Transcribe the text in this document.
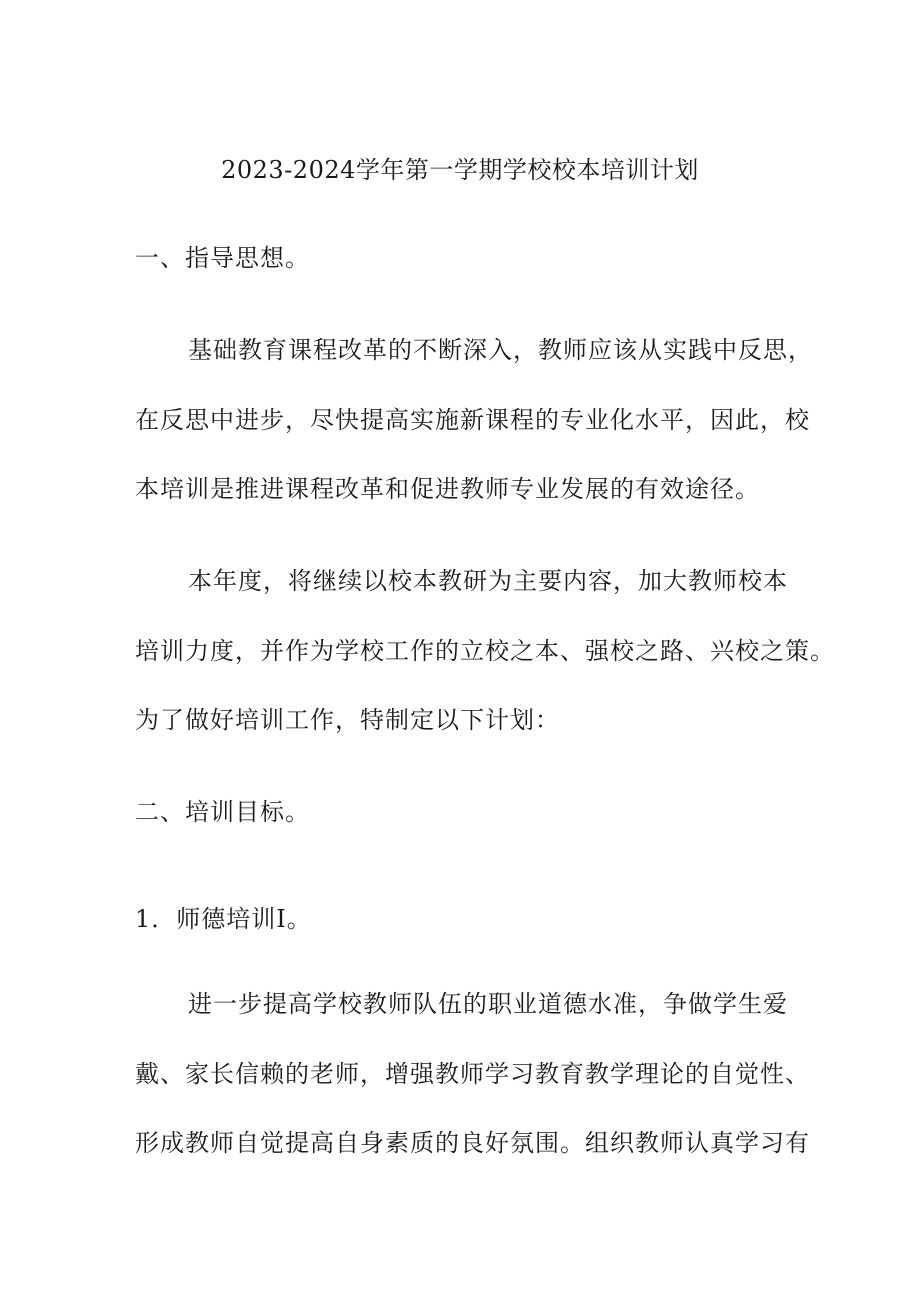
2023-2024学年第一学期学校校本培训计划
一、指导思想。
基础教育课程改革的不断深入，教师应该从实践中反思，
在反思中进步，尽快提高实施新课程的专业化水平，因此，校
本培训是推进课程改革和促进教师专业发展的有效途径。
本年度，将继续以校本教研为主要内容，加大教师校本
培训力度，并作为学校工作的立校之本、强校之路、兴校之策。
为了做好培训工作，特制定以下计划：
二、培训目标。
1．师德培训Ⅰ。
进一步提高学校教师队伍的职业道德水准，争做学生爱
戴、家长信赖的老师，增强教师学习教育教学理论的自觉性、
形成教师自觉提高自身素质的良好氛围。组织教师认真学习有
